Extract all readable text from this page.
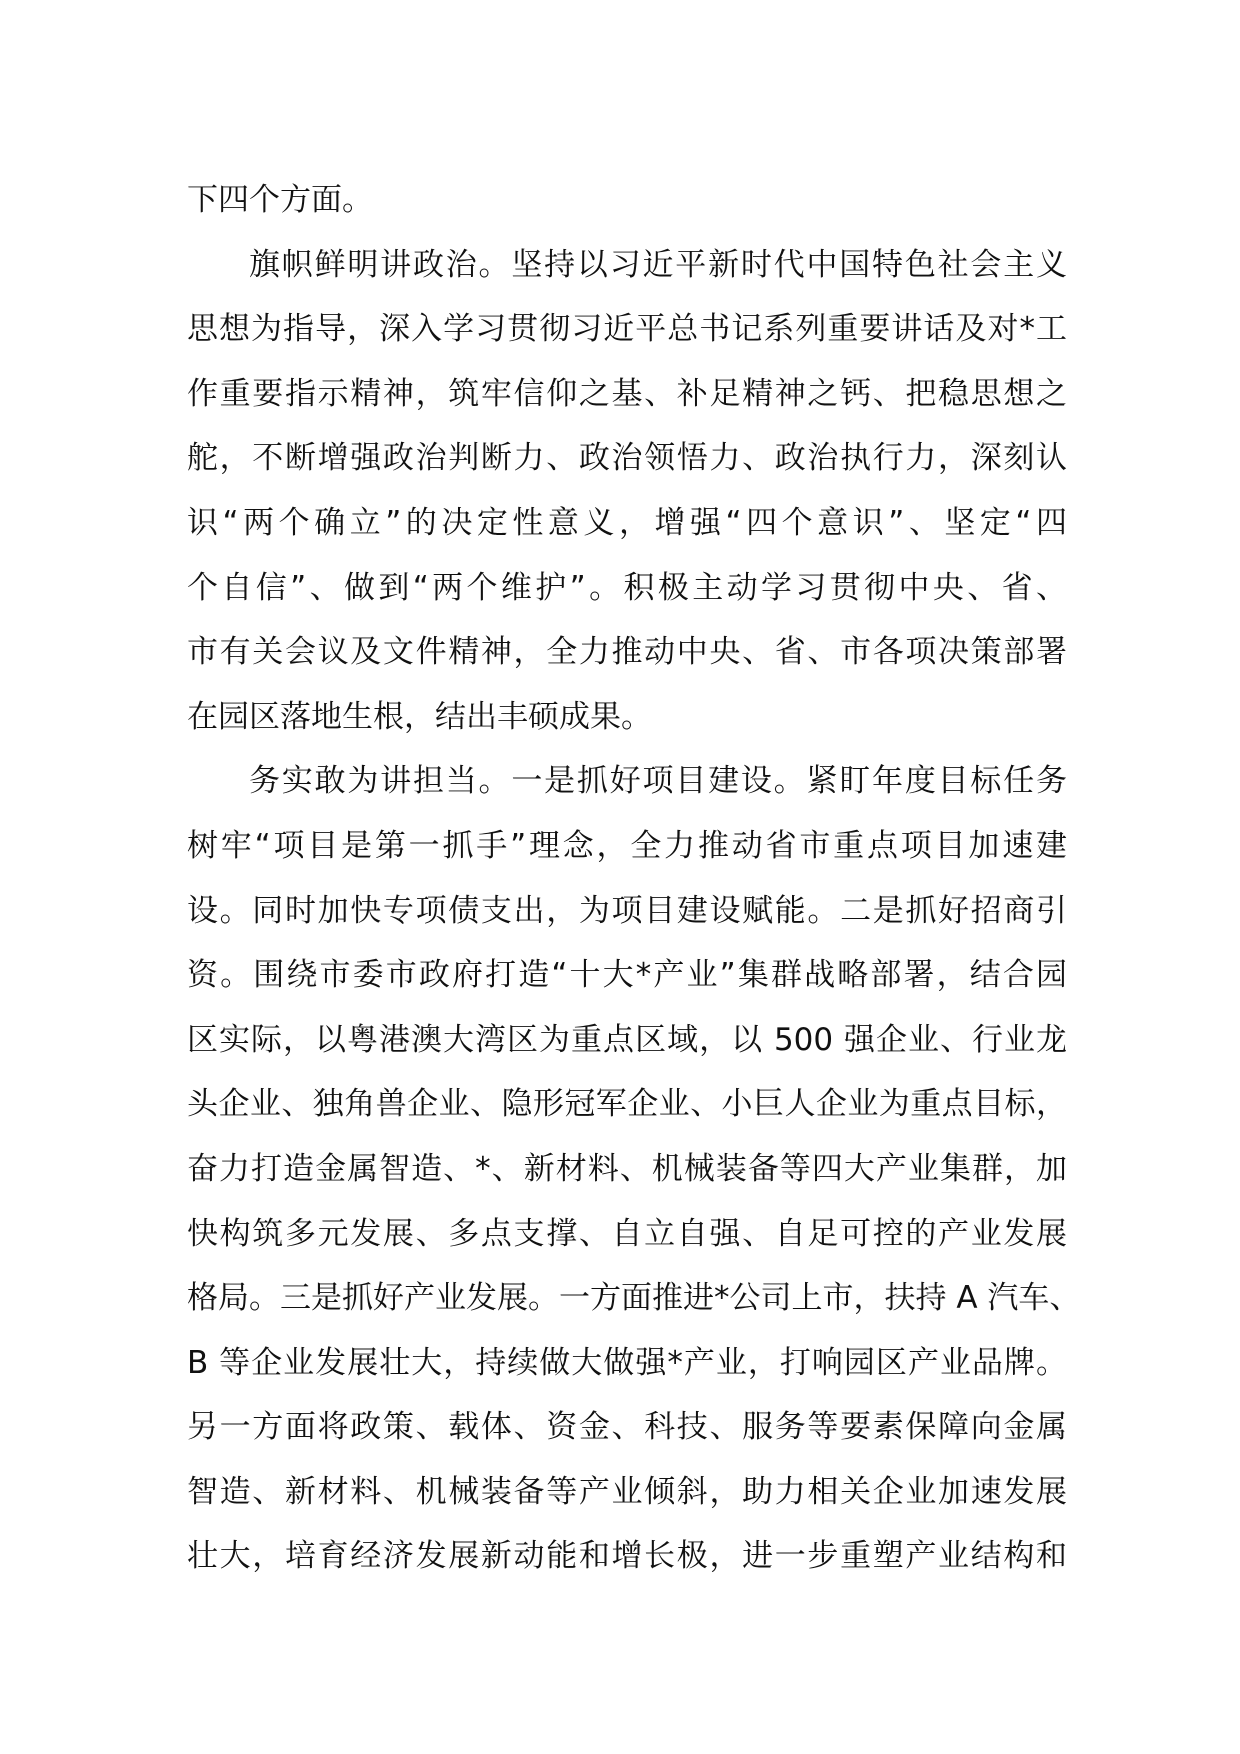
下四个方面。
旗帜鲜明讲政治。坚持以习近平新时代中国特色社会主义
思想为指导，深入学习贯彻习近平总书记系列重要讲话及对*工
作重要指示精神，筑牢信仰之基、补足精神之钙、把稳思想之
舵，不断增强政治判断力、政治领悟力、政治执行力，深刻认
识“两个确立”的决定性意义，增强“四个意识”、坚定“四
个自信”、做到“两个维护”。积极主动学习贯彻中央、省、
市有关会议及文件精神，全力推动中央、省、市各项决策部署
在园区落地生根，结出丰硕成果。
务实敢为讲担当。一是抓好项目建设。紧盯年度目标任务
树牢“项目是第一抓手”理念，全力推动省市重点项目加速建
设。同时加快专项债支出，为项目建设赋能。二是抓好招商引
资。围绕市委市政府打造“十大*产业”集群战略部署，结合园
区实际，以粤港澳大湾区为重点区域，以 500 强企业、行业龙
头企业、独角兽企业、隐形冠军企业、小巨人企业为重点目标，
奋力打造金属智造、*、新材料、机械装备等四大产业集群，加
快构筑多元发展、多点支撑、自立自强、自足可控的产业发展
格局。三是抓好产业发展。一方面推进*公司上市，扶持 A 汽车、
B 等企业发展壮大，持续做大做强*产业，打响园区产业品牌。
另一方面将政策、载体、资金、科技、服务等要素保障向金属
智造、新材料、机械装备等产业倾斜，助力相关企业加速发展
壮大，培育经济发展新动能和增长极，进一步重塑产业结构和
